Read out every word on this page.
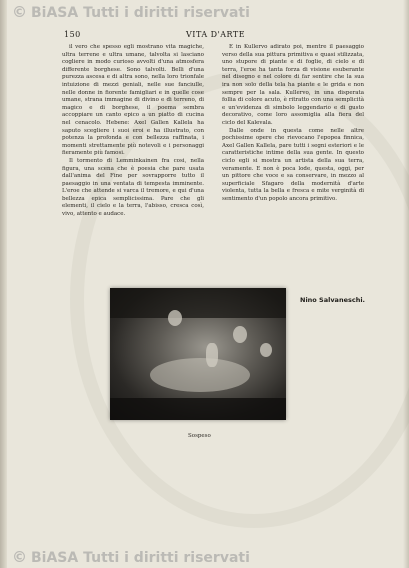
© BiASA Tutti i diritti riservati
150	VITA D'ARTE

il vero che spesso egli mostrano vita magiche, ultra terrene e ultra umane, talvolta si lasciano cogliere in modo curioso avvolti d'una atmosfera differente borghese. Sono talvolti. Belli d'una purezza ascesa e di altra sono, nella loro trionfale intuizione di mezzi geniali, nelle sue fanciulle, nelle donne in fiorente famigliari e in quelle cose umane, strana immagine di divino e di terreno, di magico e di borghese, il poema sembra accoppiare un canto epico a un piatto di cucina nel cenacolo. Hebene: Axel Gallen Kallela ha saputo scegliere i suoi eroi e ha illustrato, con potenza la profonda e con bellezza raffinata, i momenti strettamente più notevoli e i personaggi fieramente più famosi.

Il tormento di Lemminkainen fra cosi, nella figura, una scena che è poesia che pare usata dall'anima del Fine per sovrapporre tutto il paesaggio in una ventata di tempesta imminente. L'eroe che attende si varca il tremore, e qui d'una bellezza epica semplicissima. Pare che gli elementi, il cielo e la terra, l'abisso, cresca così, vivo, attento e audace.

E in Kullervo adirato poi, mentre il paesaggio verso della sua pittura primitiva e quasi stilizzata, uno stupore di piante e di foglie, di cielo e di terra, l'eroe ha tanta forza di visione esuberante nel disegno e nel colore di far sentire che la sua ira non solo della tela ha piante e le grida e non sempre per la sala. Kullervo, in una disperata follia di colore acuto, è ritratto con una semplicità e un'evidenza di simbolo leggendario e di gusto decorativo, come loro assomiglia alla fiera del ciclo del Kalevala.

Dalle onde in questa come nelle altre pochissime opere che rievocano l'epopea finnica, Axel Gallen Kallela, pare tutti i segni esteriori e le caratteristiche intime della sua gente. In questo ciclo egli si mostra un artista della sua terra, veramente. E non è poca lode, questa, oggi, per un pittore che voce e sa conservare, in mezzo al superficiale Sfagaro della modernità d'arte violenta, tutta la bella e fresca e mite verginità di sentimento d'un popolo ancora primitivo.

Nino Salvaneschi.
Sospeso
© BiASA Tutti i diritti riservati
